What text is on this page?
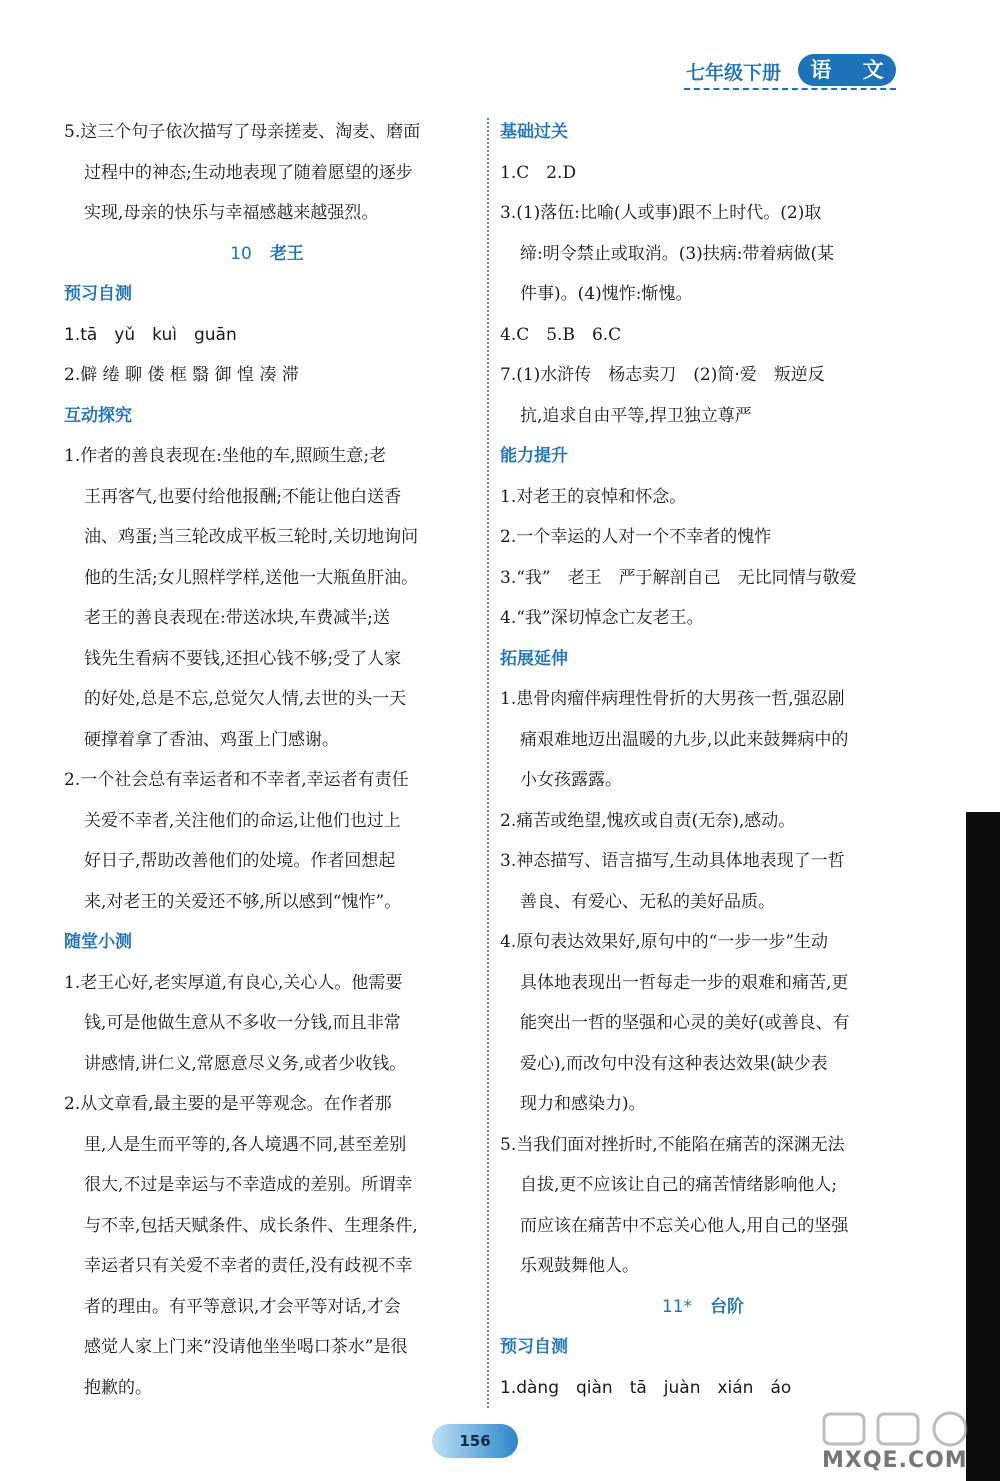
七年级下册	语 文

5.这三个句子依次描写了母亲搓麦、淘麦、磨面

过程中的神态;生动地表现了随着愿望的逐步

实现,母亲的快乐与幸福感越来越强烈。

10 老王

预习自测

1.tā　yǔ　kuì　guān

2.僻 绻 聊 偻 框 翳 御 惶 凑 滞

互动探究

1.作者的善良表现在:坐他的车,照顾生意;老

王再客气,也要付给他报酬;不能让他白送香

油、鸡蛋;当三轮改成平板三轮时,关切地询问

他的生活;女儿照样学样,送他一大瓶鱼肝油。

老王的善良表现在:带送冰块,车费减半;送

钱先生看病不要钱,还担心钱不够;受了人家

的好处,总是不忘,总觉欠人情,去世的头一天

硬撑着拿了香油、鸡蛋上门感谢。

2.一个社会总有幸运者和不幸者,幸运者有责任

关爱不幸者,关注他们的命运,让他们也过上

好日子,帮助改善他们的处境。作者回想起

来,对老王的关爱还不够,所以感到“愧怍”。

随堂小测

1.老王心好,老实厚道,有良心,关心人。他需要

钱,可是他做生意从不多收一分钱,而且非常

讲感情,讲仁义,常愿意尽义务,或者少收钱。

2.从文章看,最主要的是平等观念。在作者那

里,人是生而平等的,各人境遇不同,甚至差别

很大,不过是幸运与不幸造成的差别。所谓幸

与不幸,包括天赋条件、成长条件、生理条件,

幸运者只有关爱不幸者的责任,没有歧视不幸

者的理由。有平等意识,才会平等对话,才会

感觉人家上门来“没请他坐坐喝口茶水”是很

抱歉的。

基础过关

1.C　2.D

3.(1)落伍:比喻(人或事)跟不上时代。(2)取

缔:明令禁止或取消。(3)扶病:带着病做(某

件事)。(4)愧怍:惭愧。

4.C　5.B　6.C

7.(1)水浒传　杨志卖刀　(2)简·爱　叛逆反

抗,追求自由平等,捍卫独立尊严

能力提升

1.对老王的哀悼和怀念。

2.一个幸运的人对一个不幸者的愧怍

3.“我”　老王　严于解剖自己　无比同情与敬爱

4.“我”深切悼念亡友老王。

拓展延伸

1.患骨肉瘤伴病理性骨折的大男孩一哲,强忍剧

痛艰难地迈出温暖的九步,以此来鼓舞病中的

小女孩露露。

2.痛苦或绝望,愧疚或自责(无奈),感动。

3.神态描写、语言描写,生动具体地表现了一哲

善良、有爱心、无私的美好品质。

4.原句表达效果好,原句中的“一步一步”生动

具体地表现出一哲每走一步的艰难和痛苦,更

能突出一哲的坚强和心灵的美好(或善良、有

爱心),而改句中没有这种表达效果(缺少表

现力和感染力)。

5.当我们面对挫折时,不能陷在痛苦的深渊无法

自拔,更不应该让自己的痛苦情绪影响他人;

而应该在痛苦中不忘关心他人,用自己的坚强

乐观鼓舞他人。

11* 台阶

预习自测

1.dàng　qiàn　tā　juàn　xián　áo

156
MXQE.COM
